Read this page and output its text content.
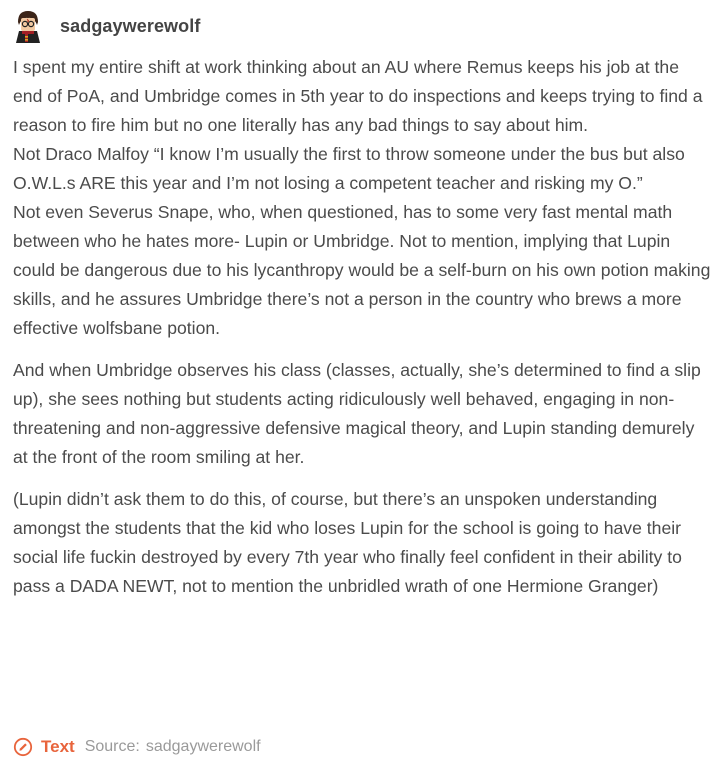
sadgaywerewolf

I spent my entire shift at work thinking about an AU where Remus keeps his job at the end of PoA, and Umbridge comes in 5th year to do inspections and keeps trying to find a reason to fire him but no one literally has any bad things to say about him.

Not Draco Malfoy “I know I’m usually the first to throw someone under the bus but also O.W.L.s ARE this year and I’m not losing a competent teacher and risking my O.”

Not even Severus Snape, who, when questioned, has to some very fast mental math between who he hates more- Lupin or Umbridge. Not to mention, implying that Lupin could be dangerous due to his lycanthropy would be a self-burn on his own potion making skills, and he assures Umbridge there’s not a person in the country who brews a more effective wolfsbane potion.

And when Umbridge observes his class (classes, actually, she’s determined to find a slip up), she sees nothing but students acting ridiculously well behaved, engaging in non-threatening and non-aggressive defensive magical theory, and Lupin standing demurely at the front of the room smiling at her.

(Lupin didn’t ask them to do this, of course, but there’s an unspoken understanding amongst the students that the kid who loses Lupin for the school is going to have their social life fuckin destroyed by every 7th year who finally feel confident in their ability to pass a DADA NEWT, not to mention the unbridled wrath of one Hermione Granger)

Text Source: sadgaywerewolf
